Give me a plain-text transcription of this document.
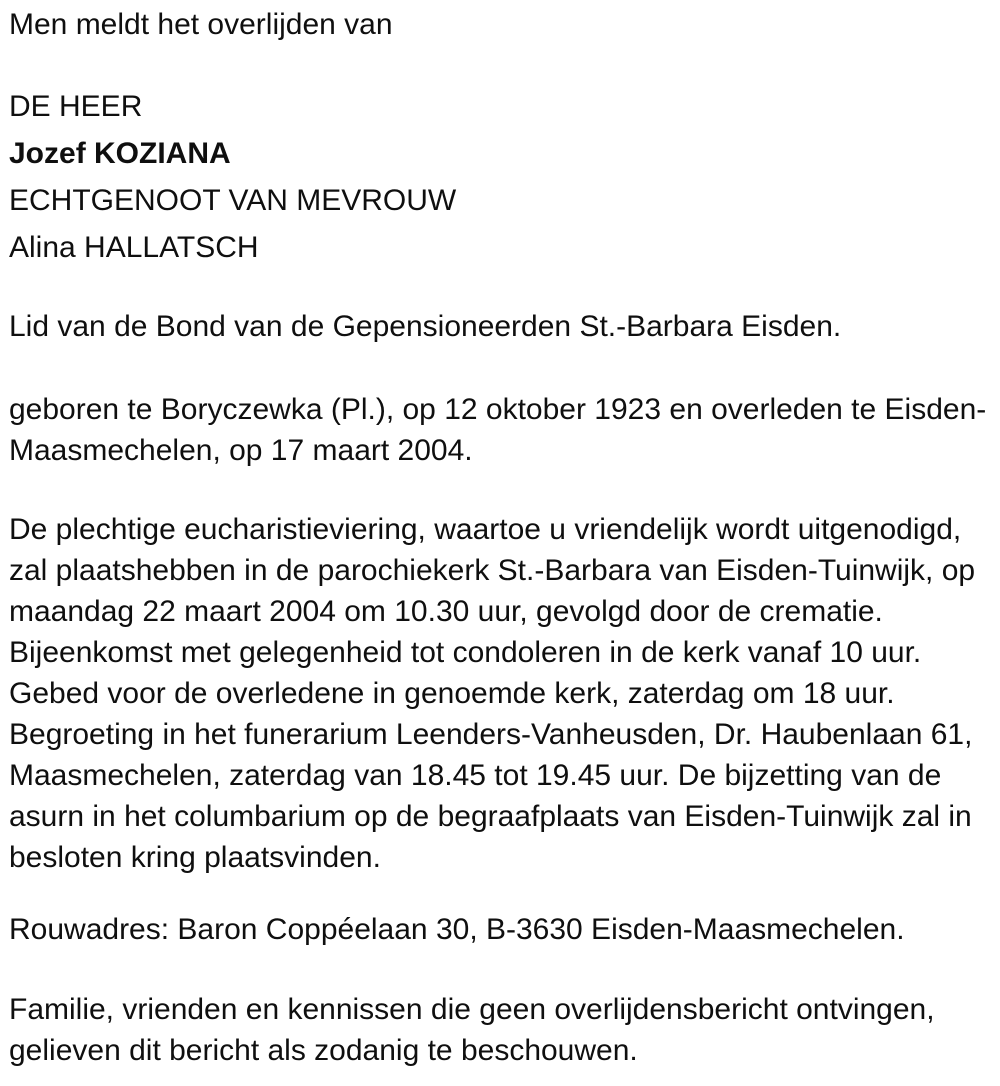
Men meldt het overlijden van

DE HEER
Jozef KOZIANA
ECHTGENOOT VAN MEVROUW
Alina HALLATSCH

Lid van de Bond van de Gepensioneerden St.-Barbara Eisden.

geboren te Boryczewka (Pl.), op 12 oktober 1923 en overleden te Eisden-
Maasmechelen, op 17 maart 2004.
De plechtige eucharistieviering, waartoe u vriendelijk wordt uitgenodigd,
zal plaatshebben in de parochiekerk St.-Barbara van Eisden-Tuinwijk, op
maandag 22 maart 2004 om 10.30 uur, gevolgd door de crematie.
Bijeenkomst met gelegenheid tot condoleren in de kerk vanaf 10 uur.
Gebed voor de overledene in genoemde kerk, zaterdag om 18 uur.
Begroeting in het funerarium Leenders-Vanheusden, Dr. Haubenlaan 61,
Maasmechelen, zaterdag van 18.45 tot 19.45 uur. De bijzetting van de
asurn in het columbarium op de begraafplaats van Eisden-Tuinwijk zal in
besloten kring plaatsvinden.

Rouwadres: Baron Coppéelaan 30, B-3630 Eisden-Maasmechelen.

Familie, vrienden en kennissen die geen overlijdensbericht ontvingen,
gelieven dit bericht als zodanig te beschouwen.
